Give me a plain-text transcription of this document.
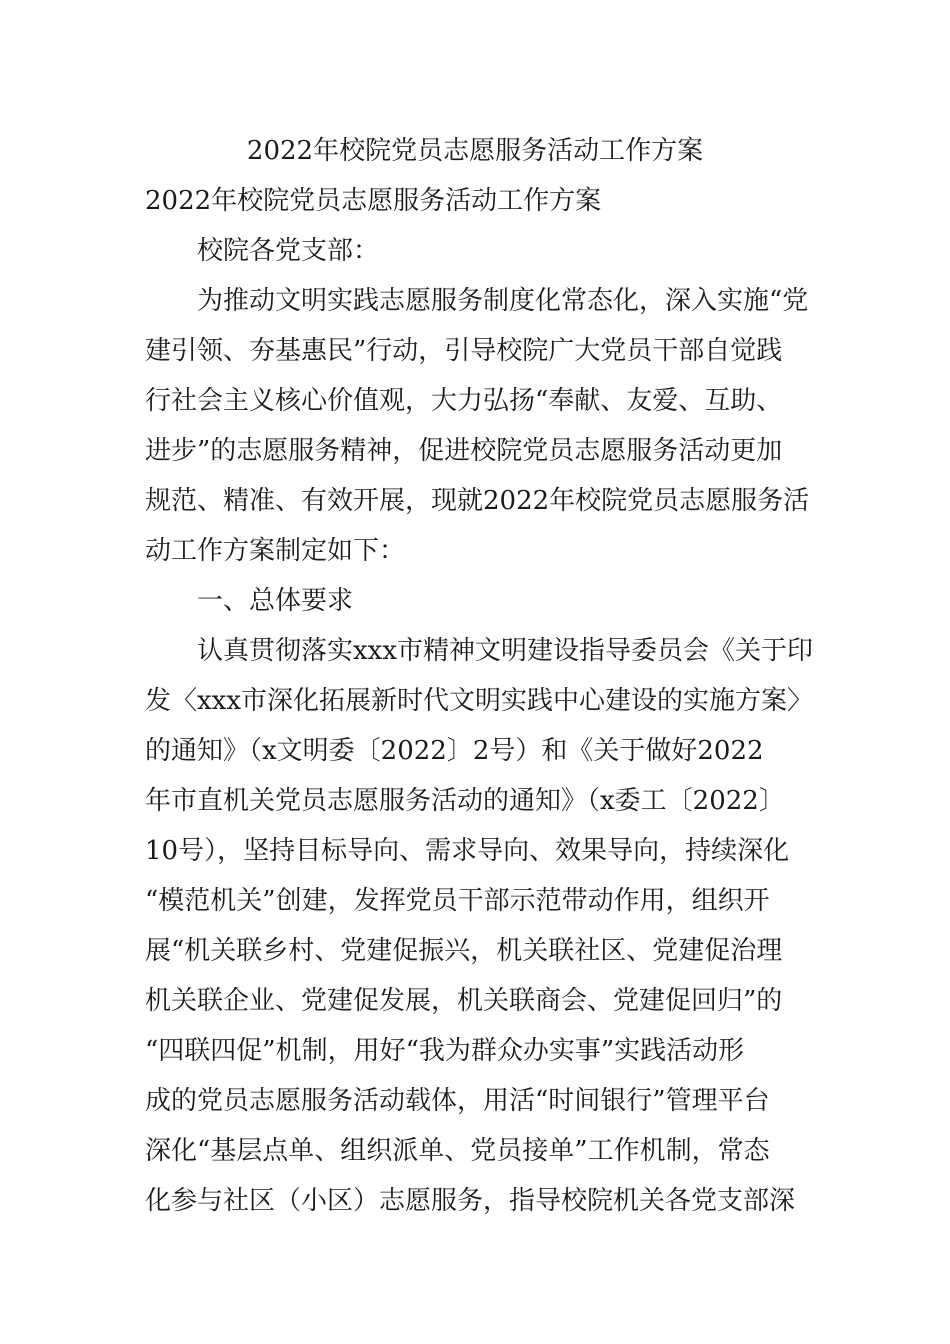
2022年校院党员志愿服务活动工作方案
2022年校院党员志愿服务活动工作方案
　　校院各党支部：
　　为推动文明实践志愿服务制度化常态化，深入实施“党
建引领、夯基惠民”行动，引导校院广大党员干部自觉践
行社会主义核心价值观，大力弘扬“奉献、友爱、互助、
进步”的志愿服务精神，促进校院党员志愿服务活动更加
规范、精准、有效开展，现就2022年校院党员志愿服务活
动工作方案制定如下：
　　一、总体要求
　　认真贯彻落实xxx市精神文明建设指导委员会《关于印
发〈xxx市深化拓展新时代文明实践中心建设的实施方案〉
的通知》（x文明委〔2022〕2号）和《关于做好2022
年市直机关党员志愿服务活动的通知》（x委工〔2022〕
10号），坚持目标导向、需求导向、效果导向，持续深化
“模范机关”创建，发挥党员干部示范带动作用，组织开
展“机关联乡村、党建促振兴，机关联社区、党建促治理
机关联企业、党建促发展，机关联商会、党建促回归”的
“四联四促”机制，用好“我为群众办实事”实践活动形
成的党员志愿服务活动载体，用活“时间银行”管理平台
深化“基层点单、组织派单、党员接单”工作机制，常态
化参与社区（小区）志愿服务，指导校院机关各党支部深
